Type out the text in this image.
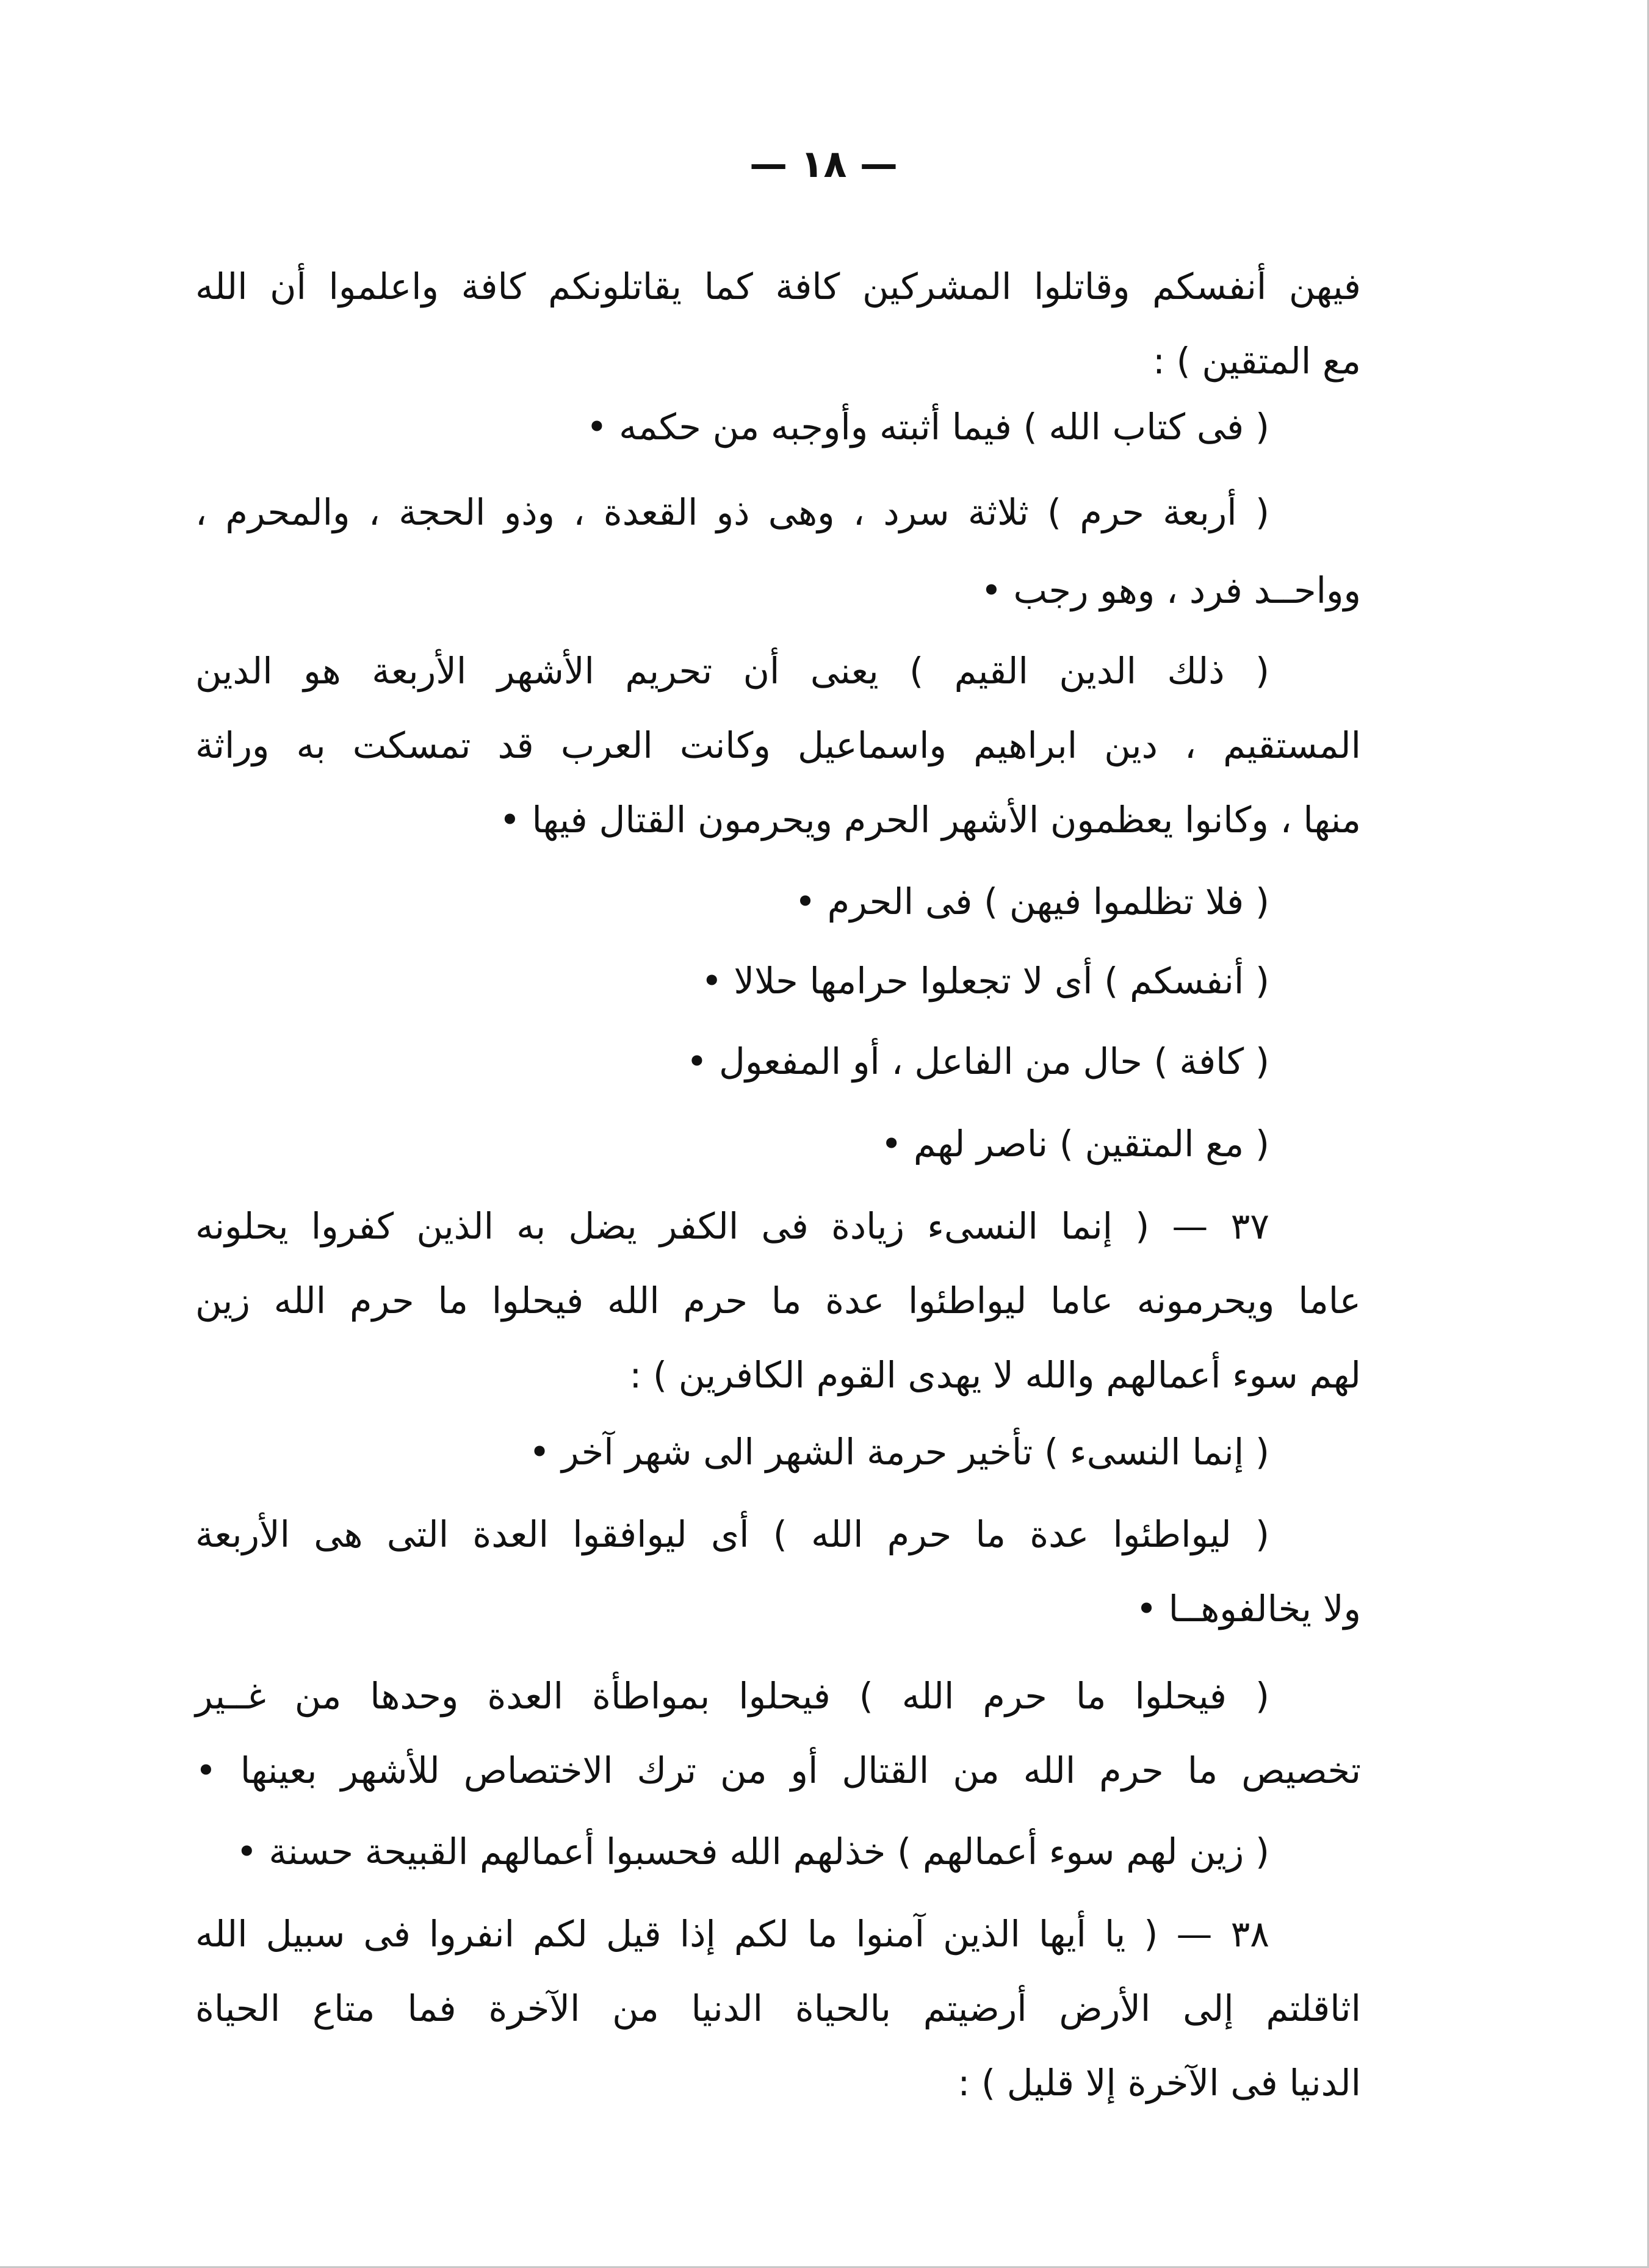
— ١٨ —
فيهن أنفسكم وقاتلوا المشركين كافة كما يقاتلونكم كافة واعلموا أن الله
مع المتقين ) :
( فى كتاب الله ) فيما أثبته وأوجبه من حكمه •
( أربعة حرم ) ثلاثة سرد ، وهى ذو القعدة ، وذو الحجة ، والمحرم ،
وواحــد فرد ، وهو رجب •
( ذلك الدين القيم ) يعنى أن تحريم الأشهر الأربعة هو الدين
المستقيم ، دين ابراهيم واسماعيل وكانت العرب قد تمسكت به وراثة
منها ، وكانوا يعظمون الأشهر الحرم ويحرمون القتال فيها •
( فلا تظلموا فيهن ) فى الحرم •
( أنفسكم ) أى لا تجعلوا حرامها حلالا •
( كافة ) حال من الفاعل ، أو المفعول •
( مع المتقين ) ناصر لهم •
٣٧ — ( إنما النسىء زيادة فى الكفر يضل به الذين كفروا يحلونه
عاما ويحرمونه عاما ليواطئوا عدة ما حرم الله فيحلوا ما حرم الله زين
لهم سوء أعمالهم والله لا يهدى القوم الكافرين ) :
( إنما النسىء ) تأخير حرمة الشهر الى شهر آخر •
( ليواطئوا عدة ما حرم الله ) أى ليوافقوا العدة التى هى الأربعة
ولا يخالفوهــا •
( فيحلوا ما حرم الله ) فيحلوا بمواطأة العدة وحدها من غــير
تخصيص ما حرم الله من القتال أو من ترك الاختصاص للأشهر بعينها •
( زين لهم سوء أعمالهم ) خذلهم الله فحسبوا أعمالهم القبيحة حسنة •
٣٨ — ( يا أيها الذين آمنوا ما لكم إذا قيل لكم انفروا فى سبيل الله
اثاقلتم إلى الأرض أرضيتم بالحياة الدنيا من الآخرة فما متاع الحياة
الدنيا فى الآخرة إلا قليل ) :
